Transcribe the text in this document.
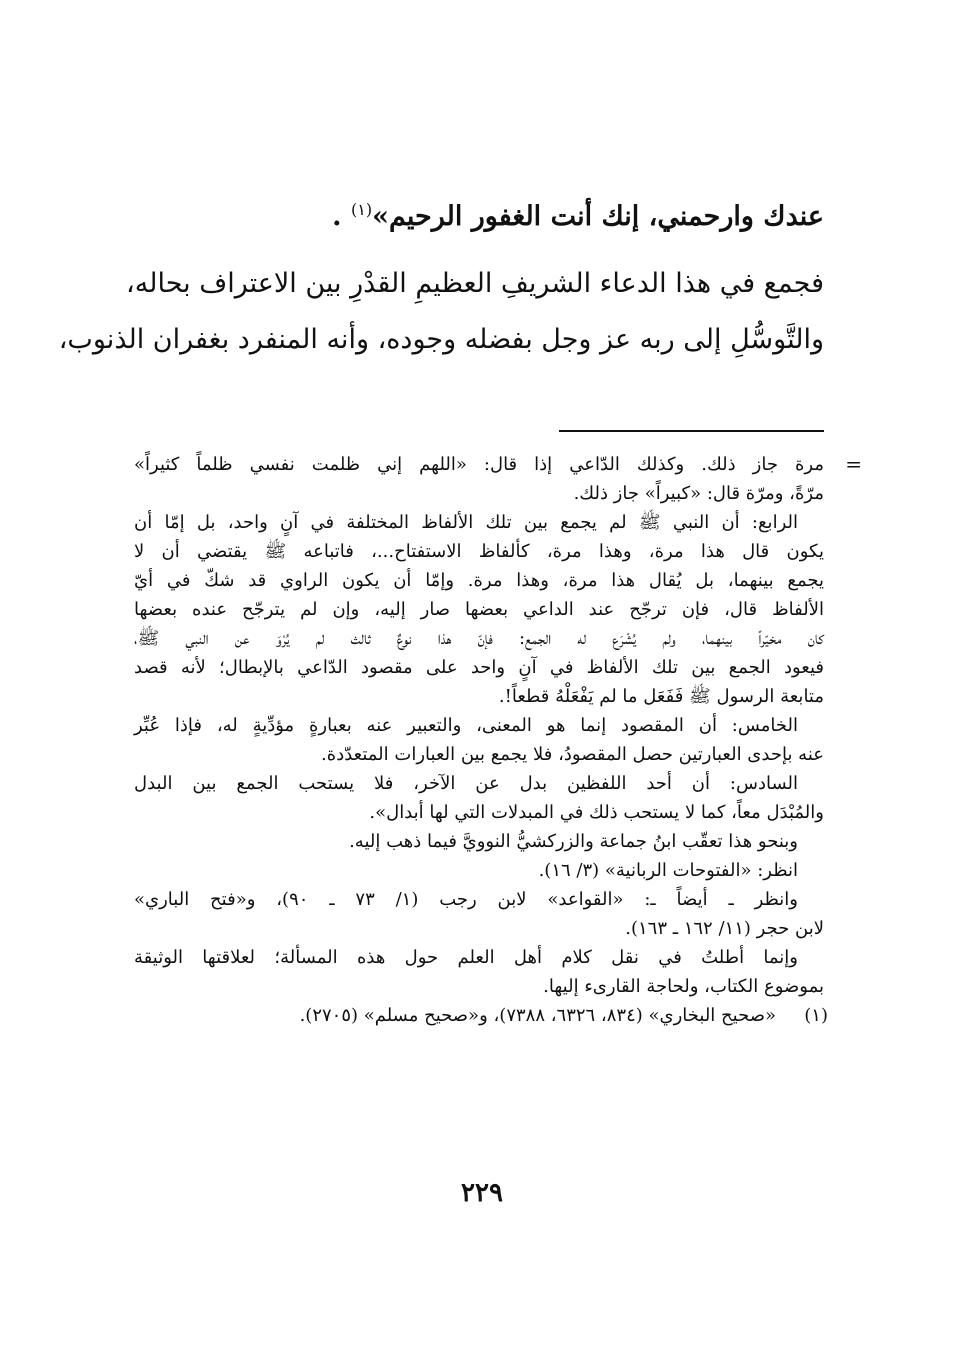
عندك وارحمني، إنك أنت الغفور الرحيم»$^{(١)}$ .
فجمع في هذا الدعاء الشريفِ العظيمِ القدْرِ بين الاعتراف بحاله،
والتَّوسُّلِ إلى ربه عز وجل بفضله وجوده، وأنه المنفرد بغفران الذنوب،
=
مرة جاز ذلك. وكذلك الدّاعي إذا قال: «اللهم إني ظلمت نفسي ظلماً كثيراً»
مرّةً، ومرّة قال: «كبيراً» جاز ذلك.
الرابع: أن النبي ﷺ لم يجمع بين تلك الألفاظ المختلفة في آنٍ واحد، بل إمّا أن
يكون قال هذا مرة، وهذا مرة، كألفاظ الاستفتاح...، فاتباعه ﷺ يقتضي أن لا
يجمع بينهما، بل يُقال هذا مرة، وهذا مرة. وإمّا أن يكون الراوي قد شكّ في أيّ
الألفاظ قال، فإن ترجّح عند الداعي بعضها صار إليه، وإن لم يترجّح عنده بعضها
كان مخيّراً بينهما، ولم يُشْرَع له الجمع: فإنّ هذا نوعٌ ثالث لم يُرْوَ عن النبي ﷺ،
فيعود الجمع بين تلك الألفاظ في آنٍ واحد على مقصود الدّاعي بالإبطال؛ لأنه قصد
متابعة الرسول ﷺ فَفَعَل ما لم يَفْعَلْهُ قطعاً!.
الخامس: أن المقصود إنما هو المعنى، والتعبير عنه بعبارةٍ مؤدِّيةٍ له، فإذا عُبِّر
عنه بإحدى العبارتين حصل المقصودُ، فلا يجمع بين العبارات المتعدّدة.
السادس: أن أحد اللفظين بدل عن الآخر، فلا يستحب الجمع بين البدل
والمُبْدَل معاً، كما لا يستحب ذلك في المبدلات التي لها أبدال».
وبنحو هذا تعقّب ابنُ جماعة والزركشيُّ النوويَّ فيما ذهب إليه.
انظر: «الفتوحات الربانية» (٣/ ١٦).
وانظر ـ أيضاً ـ: «القواعد» لابن رجب (١/ ٧٣ ـ ٩٠)، و«فتح الباري»
لابن حجر (١١/ ١٦٢ ـ ١٦٣).
وإنما أطلتُ في نقل كلام أهل العلم حول هذه المسألة؛ لعلاقتها الوثيقة
بموضوع الكتاب، ولحاجة القارىء إليها.
(١)
«صحيح البخاري» (٨٣٤، ٦٣٢٦، ٧٣٨٨)، و«صحيح مسلم» (٢٧٠٥).
٢٢٩
